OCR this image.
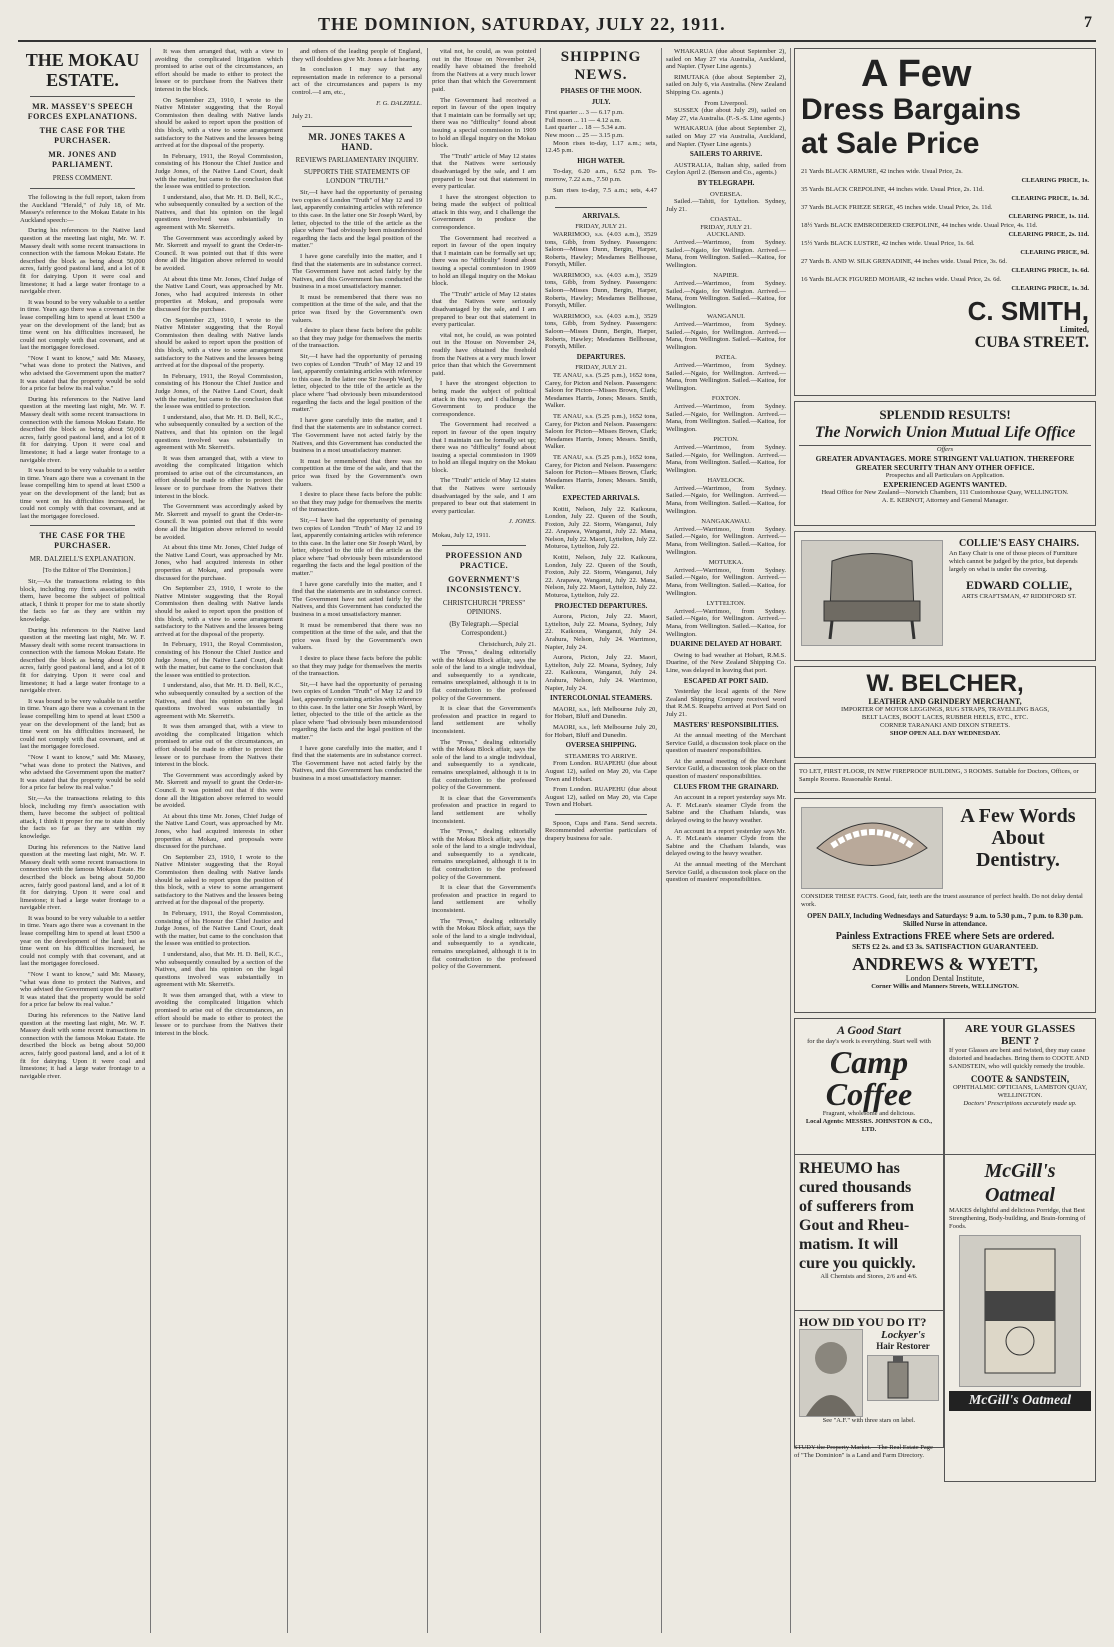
THE DOMINION, SATURDAY, JULY 22, 1911.	7
THE MOKAU ESTATE.
MR. MASSEY'S SPEECH FORCES EXPLANATIONS.
THE CASE FOR THE PURCHASER.
MR. JONES AND PARLIAMENT.
PRESS COMMENT.

The following is the full report, taken from the Auckland "Herald," of July 18, of Mr. Massey's reference to the Mokau Estate in his Auckland speech:—

During his references to the Native land question at the meeting last night, Mr. W. F. Massey dealt with some recent transactions in connection with the famous Mokau Estate. He described the block as being about 50,000 acres, fairly good pastoral land, and a lot of it fit for dairying. Upon it were coal and limestone; it had a large water frontage to a navigable river.

It was bound to be very valuable to a settler in time. Years ago there was a covenant in the lease compelling him to spend at least £500 a year on the development of the land; but as time went on his difficulties increased, he could not comply with that covenant, and at last the mortgagee foreclosed.

"Now I want to know," said Mr. Massey, "what was done to protect the Natives, and who advised the Government upon the matter? It was stated that the property would be sold for a price far below its real value."

During his references to the Native land question at the meeting last night, Mr. W. F. Massey dealt with some recent transactions in connection with the famous Mokau Estate. He described the block as being about 50,000 acres, fairly good pastoral land, and a lot of it fit for dairying. Upon it were coal and limestone; it had a large water frontage to a navigable river.

It was bound to be very valuable to a settler in time. Years ago there was a covenant in the lease compelling him to spend at least £500 a year on the development of the land; but as time went on his difficulties increased, he could not comply with that covenant, and at last the mortgagee foreclosed.

THE CASE FOR THE PURCHASER.
MR. DALZIELL'S EXPLANATION.

[To the Editor of The Dominion.]

Sir,—As the transactions relating to this block, including my firm's association with them, have become the subject of political attack, I think it proper for me to state shortly the facts so far as they are within my knowledge.

During his references to the Native land question at the meeting last night, Mr. W. F. Massey dealt with some recent transactions in connection with the famous Mokau Estate. He described the block as being about 50,000 acres, fairly good pastoral land, and a lot of it fit for dairying. Upon it were coal and limestone; it had a large water frontage to a navigable river.

It was bound to be very valuable to a settler in time. Years ago there was a covenant in the lease compelling him to spend at least £500 a year on the development of the land; but as time went on his difficulties increased, he could not comply with that covenant, and at last the mortgagee foreclosed.

"Now I want to know," said Mr. Massey, "what was done to protect the Natives, and who advised the Government upon the matter? It was stated that the property would be sold for a price far below its real value."

Sir,—As the transactions relating to this block, including my firm's association with them, have become the subject of political attack, I think it proper for me to state shortly the facts so far as they are within my knowledge.

During his references to the Native land question at the meeting last night, Mr. W. F. Massey dealt with some recent transactions in connection with the famous Mokau Estate. He described the block as being about 50,000 acres, fairly good pastoral land, and a lot of it fit for dairying. Upon it were coal and limestone; it had a large water frontage to a navigable river.

It was bound to be very valuable to a settler in time. Years ago there was a covenant in the lease compelling him to spend at least £500 a year on the development of the land; but as time went on his difficulties increased, he could not comply with that covenant, and at last the mortgagee foreclosed.

"Now I want to know," said Mr. Massey, "what was done to protect the Natives, and who advised the Government upon the matter? It was stated that the property would be sold for a price far below its real value."

During his references to the Native land question at the meeting last night, Mr. W. F. Massey dealt with some recent transactions in connection with the famous Mokau Estate. He described the block as being about 50,000 acres, fairly good pastoral land, and a lot of it fit for dairying. Upon it were coal and limestone; it had a large water frontage to a navigable river.

It was then arranged that, with a view to avoiding the complicated litigation which promised to arise out of the circumstances, an effort should be made to either to protect the lessee or to purchase from the Natives their interest in the block.

On September 23, 1910, I wrote to the Native Minister suggesting that the Royal Commission then dealing with Native lands should be asked to report upon the position of this block, with a view to some arrangement satisfactory to the Natives and the lessees being arrived at for the disposal of the property.

In February, 1911, the Royal Commission, consisting of his Honour the Chief Justice and Judge Jones, of the Native Land Court, dealt with the matter, but came to the conclusion that the lessee was entitled to protection.

I understand, also, that Mr. H. D. Bell, K.C., who subsequently consulted by a section of the Natives, and that his opinion on the legal questions involved was substantially in agreement with Mr. Skerrett's.

The Government was accordingly asked by Mr. Skerrett and myself to grant the Order-in-Council. It was pointed out that if this were done all the litigation above referred to would be avoided.

At about this time Mr. Jones, Chief Judge of the Native Land Court, was approached by Mr. Jones, who had acquired interests in other properties at Mokau, and proposals were discussed for the purchase.

On September 23, 1910, I wrote to the Native Minister suggesting that the Royal Commission then dealing with Native lands should be asked to report upon the position of this block, with a view to some arrangement satisfactory to the Natives and the lessees being arrived at for the disposal of the property.

In February, 1911, the Royal Commission, consisting of his Honour the Chief Justice and Judge Jones, of the Native Land Court, dealt with the matter, but came to the conclusion that the lessee was entitled to protection.

I understand, also, that Mr. H. D. Bell, K.C., who subsequently consulted by a section of the Natives, and that his opinion on the legal questions involved was substantially in agreement with Mr. Skerrett's.

It was then arranged that, with a view to avoiding the complicated litigation which promised to arise out of the circumstances, an effort should be made to either to protect the lessee or to purchase from the Natives their interest in the block.

The Government was accordingly asked by Mr. Skerrett and myself to grant the Order-in-Council. It was pointed out that if this were done all the litigation above referred to would be avoided.

At about this time Mr. Jones, Chief Judge of the Native Land Court, was approached by Mr. Jones, who had acquired interests in other properties at Mokau, and proposals were discussed for the purchase.

On September 23, 1910, I wrote to the Native Minister suggesting that the Royal Commission then dealing with Native lands should be asked to report upon the position of this block, with a view to some arrangement satisfactory to the Natives and the lessees being arrived at for the disposal of the property.

In February, 1911, the Royal Commission, consisting of his Honour the Chief Justice and Judge Jones, of the Native Land Court, dealt with the matter, but came to the conclusion that the lessee was entitled to protection.

I understand, also, that Mr. H. D. Bell, K.C., who subsequently consulted by a section of the Natives, and that his opinion on the legal questions involved was substantially in agreement with Mr. Skerrett's.

It was then arranged that, with a view to avoiding the complicated litigation which promised to arise out of the circumstances, an effort should be made to either to protect the lessee or to purchase from the Natives their interest in the block.

The Government was accordingly asked by Mr. Skerrett and myself to grant the Order-in-Council. It was pointed out that if this were done all the litigation above referred to would be avoided.

At about this time Mr. Jones, Chief Judge of the Native Land Court, was approached by Mr. Jones, who had acquired interests in other properties at Mokau, and proposals were discussed for the purchase.

On September 23, 1910, I wrote to the Native Minister suggesting that the Royal Commission then dealing with Native lands should be asked to report upon the position of this block, with a view to some arrangement satisfactory to the Natives and the lessees being arrived at for the disposal of the property.

In February, 1911, the Royal Commission, consisting of his Honour the Chief Justice and Judge Jones, of the Native Land Court, dealt with the matter, but came to the conclusion that the lessee was entitled to protection.

I understand, also, that Mr. H. D. Bell, K.C., who subsequently consulted by a section of the Natives, and that his opinion on the legal questions involved was substantially in agreement with Mr. Skerrett's.

It was then arranged that, with a view to avoiding the complicated litigation which promised to arise out of the circumstances, an effort should be made to either to protect the lessee or to purchase from the Natives their interest in the block.

and others of the leading people of England, they will doubtless give Mr. Jones a fair hearing.

In conclusion I may say that any representation made in reference to a personal act of the circumstances and papers is my control.—I am, etc.,

F. G. DALZIELL.
July 21.
MR. JONES TAKES A HAND.
REVIEWS PARLIAMENTARY INQUIRY.
SUPPORTS THE STATEMENTS OF LONDON "TRUTH."

Sir,—I have had the opportunity of perusing two copies of London "Truth" of May 12 and 19 last, apparently containing articles with reference to this case. In the latter one Sir Joseph Ward, by letter, objected to the title of the article as the place where "had obviously been misunderstood regarding the facts and the legal position of the matter."

I have gone carefully into the matter, and I find that the statements are in substance correct. The Government have not acted fairly by the Natives, and this Government has conducted the business in a most unsatisfactory manner.

It must be remembered that there was no competition at the time of the sale, and that the price was fixed by the Government's own valuers.

I desire to place these facts before the public so that they may judge for themselves the merits of the transaction.

Sir,—I have had the opportunity of perusing two copies of London "Truth" of May 12 and 19 last, apparently containing articles with reference to this case. In the latter one Sir Joseph Ward, by letter, objected to the title of the article as the place where "had obviously been misunderstood regarding the facts and the legal position of the matter."

I have gone carefully into the matter, and I find that the statements are in substance correct. The Government have not acted fairly by the Natives, and this Government has conducted the business in a most unsatisfactory manner.

It must be remembered that there was no competition at the time of the sale, and that the price was fixed by the Government's own valuers.

I desire to place these facts before the public so that they may judge for themselves the merits of the transaction.

Sir,—I have had the opportunity of perusing two copies of London "Truth" of May 12 and 19 last, apparently containing articles with reference to this case. In the latter one Sir Joseph Ward, by letter, objected to the title of the article as the place where "had obviously been misunderstood regarding the facts and the legal position of the matter."

I have gone carefully into the matter, and I find that the statements are in substance correct. The Government have not acted fairly by the Natives, and this Government has conducted the business in a most unsatisfactory manner.

It must be remembered that there was no competition at the time of the sale, and that the price was fixed by the Government's own valuers.

I desire to place these facts before the public so that they may judge for themselves the merits of the transaction.

Sir,—I have had the opportunity of perusing two copies of London "Truth" of May 12 and 19 last, apparently containing articles with reference to this case. In the latter one Sir Joseph Ward, by letter, objected to the title of the article as the place where "had obviously been misunderstood regarding the facts and the legal position of the matter."

I have gone carefully into the matter, and I find that the statements are in substance correct. The Government have not acted fairly by the Natives, and this Government has conducted the business in a most unsatisfactory manner.

vital not, he could, as was pointed out in the House on November 24, readily have obtained the freehold from the Natives at a very much lower price than that which the Government paid.

The Government had received a report in favour of the open inquiry that I maintain can be formally set up; there was no "difficulty" found about issuing a special commission in 1909 to hold an illegal inquiry on the Mokau block.

The "Truth" article of May 12 states that the Natives were seriously disadvantaged by the sale, and I am prepared to bear out that statement in every particular.

I have the strongest objection to being made the subject of political attack in this way, and I challenge the Government to produce the correspondence.

The Government had received a report in favour of the open inquiry that I maintain can be formally set up; there was no "difficulty" found about issuing a special commission in 1909 to hold an illegal inquiry on the Mokau block.

The "Truth" article of May 12 states that the Natives were seriously disadvantaged by the sale, and I am prepared to bear out that statement in every particular.

vital not, he could, as was pointed out in the House on November 24, readily have obtained the freehold from the Natives at a very much lower price than that which the Government paid.

I have the strongest objection to being made the subject of political attack in this way, and I challenge the Government to produce the correspondence.

The Government had received a report in favour of the open inquiry that I maintain can be formally set up; there was no "difficulty" found about issuing a special commission in 1909 to hold an illegal inquiry on the Mokau block.

The "Truth" article of May 12 states that the Natives were seriously disadvantaged by the sale, and I am prepared to bear out that statement in every particular.

J. JONES.
Mokau, July 12, 1911.
PROFESSION AND PRACTICE.
GOVERNMENT'S INCONSISTENCY.
CHRISTCHURCH "PRESS" OPINIONS.
(By Telegraph.—Special Correspondent.)
Christchurch, July 21.

The "Press," dealing editorially with the Mokau Block affair, says the sole of the land to a single individual, and subsequently to a syndicate, remains unexplained, although it is in flat contradiction to the professed policy of the Government.

It is clear that the Government's profession and practice in regard to land settlement are wholly inconsistent.

The "Press," dealing editorially with the Mokau Block affair, says the sole of the land to a single individual, and subsequently to a syndicate, remains unexplained, although it is in flat contradiction to the professed policy of the Government.

It is clear that the Government's profession and practice in regard to land settlement are wholly inconsistent.

The "Press," dealing editorially with the Mokau Block affair, says the sole of the land to a single individual, and subsequently to a syndicate, remains unexplained, although it is in flat contradiction to the professed policy of the Government.

It is clear that the Government's profession and practice in regard to land settlement are wholly inconsistent.

The "Press," dealing editorially with the Mokau Block affair, says the sole of the land to a single individual, and subsequently to a syndicate, remains unexplained, although it is in flat contradiction to the professed policy of the Government.

SHIPPING NEWS.
PHASES OF THE MOON.
JULY.
First quarter ... 3 — 6.17 p.m.
Full moon ... 11 — 4.12 a.m.
Last quarter ... 18 — 5.34 a.m.
New moon ... 25 — 3.15 p.m.

Moon rises to-day, 1.17 a.m.; sets, 12.45 p.m.

HIGH WATER.

To-day, 6.20 a.m., 6.52 p.m. To-morrow, 7.22 a.m., 7.50 p.m.

Sun rises to-day, 7.5 a.m.; sets, 4.47 p.m.

ARRIVALS.
FRIDAY, JULY 21.

WARRIMOO, s.s. (4.03 a.m.), 3529 tons, Gibb, from Sydney. Passengers: Saloon—Misses Dunn, Bergin, Harper, Roberts, Hawley; Mesdames Bellhouse, Forsyth, Miller.

WARRIMOO, s.s. (4.03 a.m.), 3529 tons, Gibb, from Sydney. Passengers: Saloon—Misses Dunn, Bergin, Harper, Roberts, Hawley; Mesdames Bellhouse, Forsyth, Miller.

WARRIMOO, s.s. (4.03 a.m.), 3529 tons, Gibb, from Sydney. Passengers: Saloon—Misses Dunn, Bergin, Harper, Roberts, Hawley; Mesdames Bellhouse, Forsyth, Miller.

DEPARTURES.
FRIDAY, JULY 21.

TE ANAU, s.s. (5.25 p.m.), 1652 tons, Carey, for Picton and Nelson. Passengers: Saloon for Picton—Misses Brown, Clark; Mesdames Harris, Jones; Messrs. Smith, Walker.

TE ANAU, s.s. (5.25 p.m.), 1652 tons, Carey, for Picton and Nelson. Passengers: Saloon for Picton—Misses Brown, Clark; Mesdames Harris, Jones; Messrs. Smith, Walker.

TE ANAU, s.s. (5.25 p.m.), 1652 tons, Carey, for Picton and Nelson. Passengers: Saloon for Picton—Misses Brown, Clark; Mesdames Harris, Jones; Messrs. Smith, Walker.

EXPECTED ARRIVALS.

Kotiti, Nelson, July 22. Kaikoura, London, July 22. Queen of the South, Foxton, July 22. Storm, Wanganui, July 22. Arapawa, Wanganui, July 22. Mana, Nelson, July 22. Maori, Lyttelton, July 22. Moturoa, Lyttelton, July 22.

Kotiti, Nelson, July 22. Kaikoura, London, July 22. Queen of the South, Foxton, July 22. Storm, Wanganui, July 22. Arapawa, Wanganui, July 22. Mana, Nelson, July 22. Maori, Lyttelton, July 22. Moturoa, Lyttelton, July 22.

PROJECTED DEPARTURES.

Aurora, Picton, July 22. Maori, Lyttelton, July 22. Moana, Sydney, July 22. Kaikoura, Wanganui, July 24. Arahura, Nelson, July 24. Warrimoo, Napier, July 24.

Aurora, Picton, July 22. Maori, Lyttelton, July 22. Moana, Sydney, July 22. Kaikoura, Wanganui, July 24. Arahura, Nelson, July 24. Warrimoo, Napier, July 24.

INTERCOLONIAL STEAMERS.

MAORI, s.s., left Melbourne July 20, for Hobart, Bluff and Dunedin.

MAORI, s.s., left Melbourne July 20, for Hobart, Bluff and Dunedin.

OVERSEA SHIPPING.
STEAMERS TO ARRIVE.

From London. RUAPEHU (due about August 12), sailed on May 20, via Cape Town and Hobart.

From London. RUAPEHU (due about August 12), sailed on May 20, via Cape Town and Hobart.

Spoon, Cups and Fans. Send secrets. Recommended advertise particulars of drapery business for sale.

WHAKARUA (due about September 2), sailed on May 27 via Australia, Auckland, and Napier. (Tyser Line agents.)

RIMUTAKA (due about September 2), sailed on July 6, via Australia. (New Zealand Shipping Co. agents.)

From Liverpool.

SUSSEX (due about July 29), sailed on May 27, via Australia. (F.-S.-S. Line agents.)

WHAKARUA (due about September 2), sailed on May 27 via Australia, Auckland, and Napier. (Tyser Line agents.)

SAILERS TO ARRIVE.

AUSTRALIA, Italian ship, sailed from Ceylon April 2. (Benson and Co., agents.)

BY TELEGRAPH.
OVERSEA.

Sailed.—Tahiti, for Lyttelton. Sydney, July 21.

COASTAL.
FRIDAY, JULY 21.
AUCKLAND.

Arrived.—Warrimoo, from Sydney. Sailed.—Ngaio, for Wellington. Arrived.—Mana, from Wellington. Sailed.—Kaitoa, for Wellington.

NAPIER.

Arrived.—Warrimoo, from Sydney. Sailed.—Ngaio, for Wellington. Arrived.—Mana, from Wellington. Sailed.—Kaitoa, for Wellington.

WANGANUI.

Arrived.—Warrimoo, from Sydney. Sailed.—Ngaio, for Wellington. Arrived.—Mana, from Wellington. Sailed.—Kaitoa, for Wellington.

PATEA.

Arrived.—Warrimoo, from Sydney. Sailed.—Ngaio, for Wellington. Arrived.—Mana, from Wellington. Sailed.—Kaitoa, for Wellington.

FOXTON.

Arrived.—Warrimoo, from Sydney. Sailed.—Ngaio, for Wellington. Arrived.—Mana, from Wellington. Sailed.—Kaitoa, for Wellington.

PICTON.

Arrived.—Warrimoo, from Sydney. Sailed.—Ngaio, for Wellington. Arrived.—Mana, from Wellington. Sailed.—Kaitoa, for Wellington.

HAVELOCK.

Arrived.—Warrimoo, from Sydney. Sailed.—Ngaio, for Wellington. Arrived.—Mana, from Wellington. Sailed.—Kaitoa, for Wellington.

NANGAKAWAU.

Arrived.—Warrimoo, from Sydney. Sailed.—Ngaio, for Wellington. Arrived.—Mana, from Wellington. Sailed.—Kaitoa, for Wellington.

MOTUEKA.

Arrived.—Warrimoo, from Sydney. Sailed.—Ngaio, for Wellington. Arrived.—Mana, from Wellington. Sailed.—Kaitoa, for Wellington.

LYTTELTON.

Arrived.—Warrimoo, from Sydney. Sailed.—Ngaio, for Wellington. Arrived.—Mana, from Wellington. Sailed.—Kaitoa, for Wellington.

DUARINE DELAYED AT HOBART.

Owing to bad weather at Hobart, R.M.S. Duarine, of the New Zealand Shipping Co. Line, was delayed in leaving that port.

ESCAPED AT PORT SAID.

Yesterday the local agents of the New Zealand Shipping Company received word that R.M.S. Ruapehu arrived at Port Said on July 21.

MASTERS' RESPONSIBILITIES.

At the annual meeting of the Merchant Service Guild, a discussion took place on the question of masters' responsibilities.

At the annual meeting of the Merchant Service Guild, a discussion took place on the question of masters' responsibilities.

CLUES FROM THE GRAINARD.

An account in a report yesterday says Mr. A. F. McLean's steamer Clyde from the Sabine and the Chatham Islands, was delayed owing to the heavy weather.

An account in a report yesterday says Mr. A. F. McLean's steamer Clyde from the Sabine and the Chatham Islands, was delayed owing to the heavy weather.

At the annual meeting of the Merchant Service Guild, a discussion took place on the question of masters' responsibilities.

A Few
Dress Bargains
at Sale Price
21 Yards BLACK ARMURE, 42 inches wide. Usual Price, 2s.
CLEARING PRICE, 1s.
35 Yards BLACK CREPOLINE, 44 inches wide. Usual Price, 2s. 11d.
CLEARING PRICE, 1s. 3d.
37 Yards BLACK FRIEZE SERGE, 45 inches wide. Usual Price, 2s. 11d.
CLEARING PRICE, 1s. 11d.
18½ Yards BLACK EMBROIDERED CREPOLINE, 44 inches wide. Usual Price, 4s. 11d.
CLEARING PRICE, 2s. 11d.
15½ Yards BLACK LUSTRE, 42 inches wide. Usual Price, 1s. 6d.
CLEARING PRICE, 9d.
27 Yards B. AND W. SILK GRENADINE, 44 inches wide. Usual Price, 3s. 6d.
CLEARING PRICE, 1s. 6d.
16 Yards BLACK FIGURED MOHAIR, 42 inches wide. Usual Price, 2s. 6d.
CLEARING PRICE, 1s. 3d.
C. SMITH,
Limited,
CUBA STREET.
SPLENDID RESULTS!
The Norwich Union Mutual Life Office
Offers
GREATER ADVANTAGES. MORE STRINGENT VALUATION. THEREFORE GREATER SECURITY THAN ANY OTHER OFFICE.
Prospectus and all Particulars on Application.
EXPERIENCED AGENTS WANTED.
Head Office for New Zealand—Norwich Chambers, 111 Customhouse Quay, WELLINGTON.
A. E. KERNOT, Attorney and General Manager.
COLLIE'S EASY CHAIRS.
An Easy Chair is one of those pieces of Furniture which cannot be judged by the price, but depends largely on what is under the covering.
EDWARD COLLIE,
ARTS CRAFTSMAN, 47 RIDDIFORD ST.
W. BELCHER,
LEATHER AND GRINDERY MERCHANT,
IMPORTER OF MOTOR LEGGINGS, RUG STRAPS, TRAVELLING BAGS,
BELT LACES, BOOT LACES, RUBBER HEELS, ETC., ETC.
CORNER TARANAKI AND DIXON STREETS.
SHOP OPEN ALL DAY WEDNESDAY.
TO LET, FIRST FLOOR, IN NEW FIREPROOF BUILDING, 3 ROOMS. Suitable for Doctors, Offices, or Sample Rooms. Reasonable Rental.
A Few Words
About Dentistry.
CONSIDER THESE FACTS. Good, fair, teeth are the truest assurance of perfect health. Do not delay dental work.
OPEN DAILY, Including Wednesdays and Saturdays: 9 a.m. to 5.30 p.m., 7 p.m. to 8.30 p.m. Skilled Nurse in attendance.
Painless Extractions FREE where Sets are ordered.
SETS £2 2s. and £3 3s. SATISFACTION GUARANTEED.
ANDREWS & WYETT,
London Dental Institute,
Corner Willis and Manners Streets, WELLINGTON.
A Good Start
for the day's work is everything. Start well with
Camp
Coffee
Fragrant, wholesome and delicious.
Local Agents: MESSRS. JOHNSTON & CO., LTD.
ARE YOUR GLASSES BENT ?
If your Glasses are bent and twisted, they may cause distorted and headaches. Bring them to COOTE AND SANDSTEIN, who will quickly remedy the trouble.
COOTE & SANDSTEIN,
OPHTHALMIC OPTICIANS, LAMBTON QUAY, WELLINGTON.
Doctors' Prescriptions accurately made up.
RHEUMO has
cured thousands
of sufferers from
Gout and Rheu-
matism. It will
cure you quickly.
All Chemists and Stores, 2/6 and 4/6.
McGill's Oatmeal
MAKES delightful and delicious Porridge, that Best Strengthening, Body-building, and Brain-forming of Foods.
McGill's Oatmeal
HOW DID YOU DO IT?
Lockyer's
Hair Restorer
See "A.F." with three stars on label.
STUDY the Property Market.—The Real Estate Page of "The Dominion" is a Land and Farm Directory.
